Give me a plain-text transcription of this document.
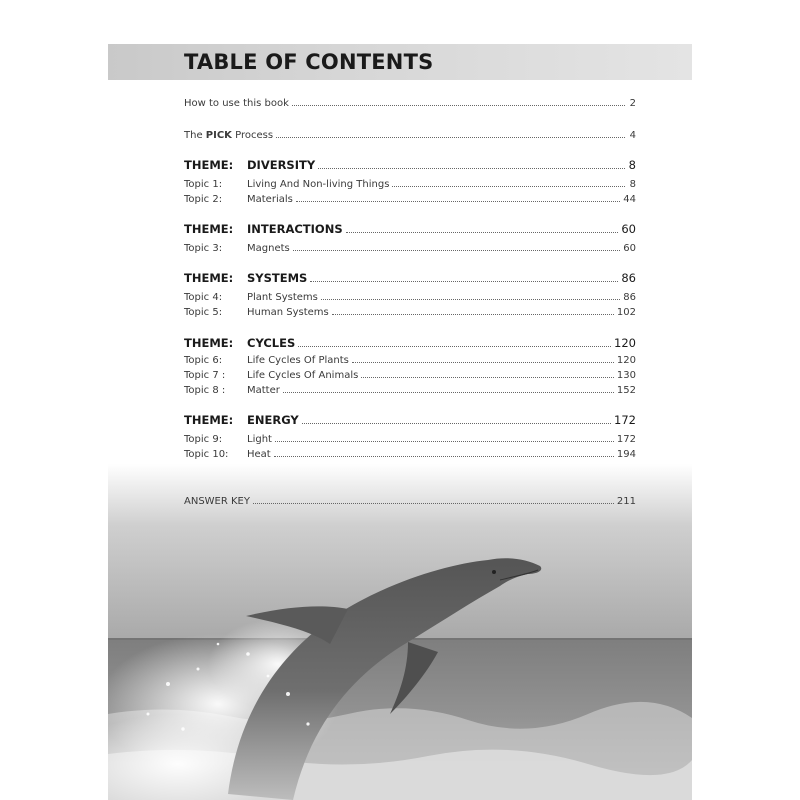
TABLE OF CONTENTS
How to use this book	2
The PICK Process	4
THEME:	DIVERSITY	8
Topic 1:	Living And Non-living Things	8
Topic 2:	Materials	44
THEME:	INTERACTIONS	60
Topic 3:	Magnets	60
THEME:	SYSTEMS	86
Topic 4:	Plant Systems	86
Topic 5:	Human Systems	102
THEME:	CYCLES	120
Topic 6:	Life Cycles Of Plants	120
Topic 7 :	Life Cycles Of Animals	130
Topic 8 :	Matter	152
THEME:	ENERGY	172
Topic 9:	Light	172
Topic 10:	Heat	194
ANSWER KEY	211
